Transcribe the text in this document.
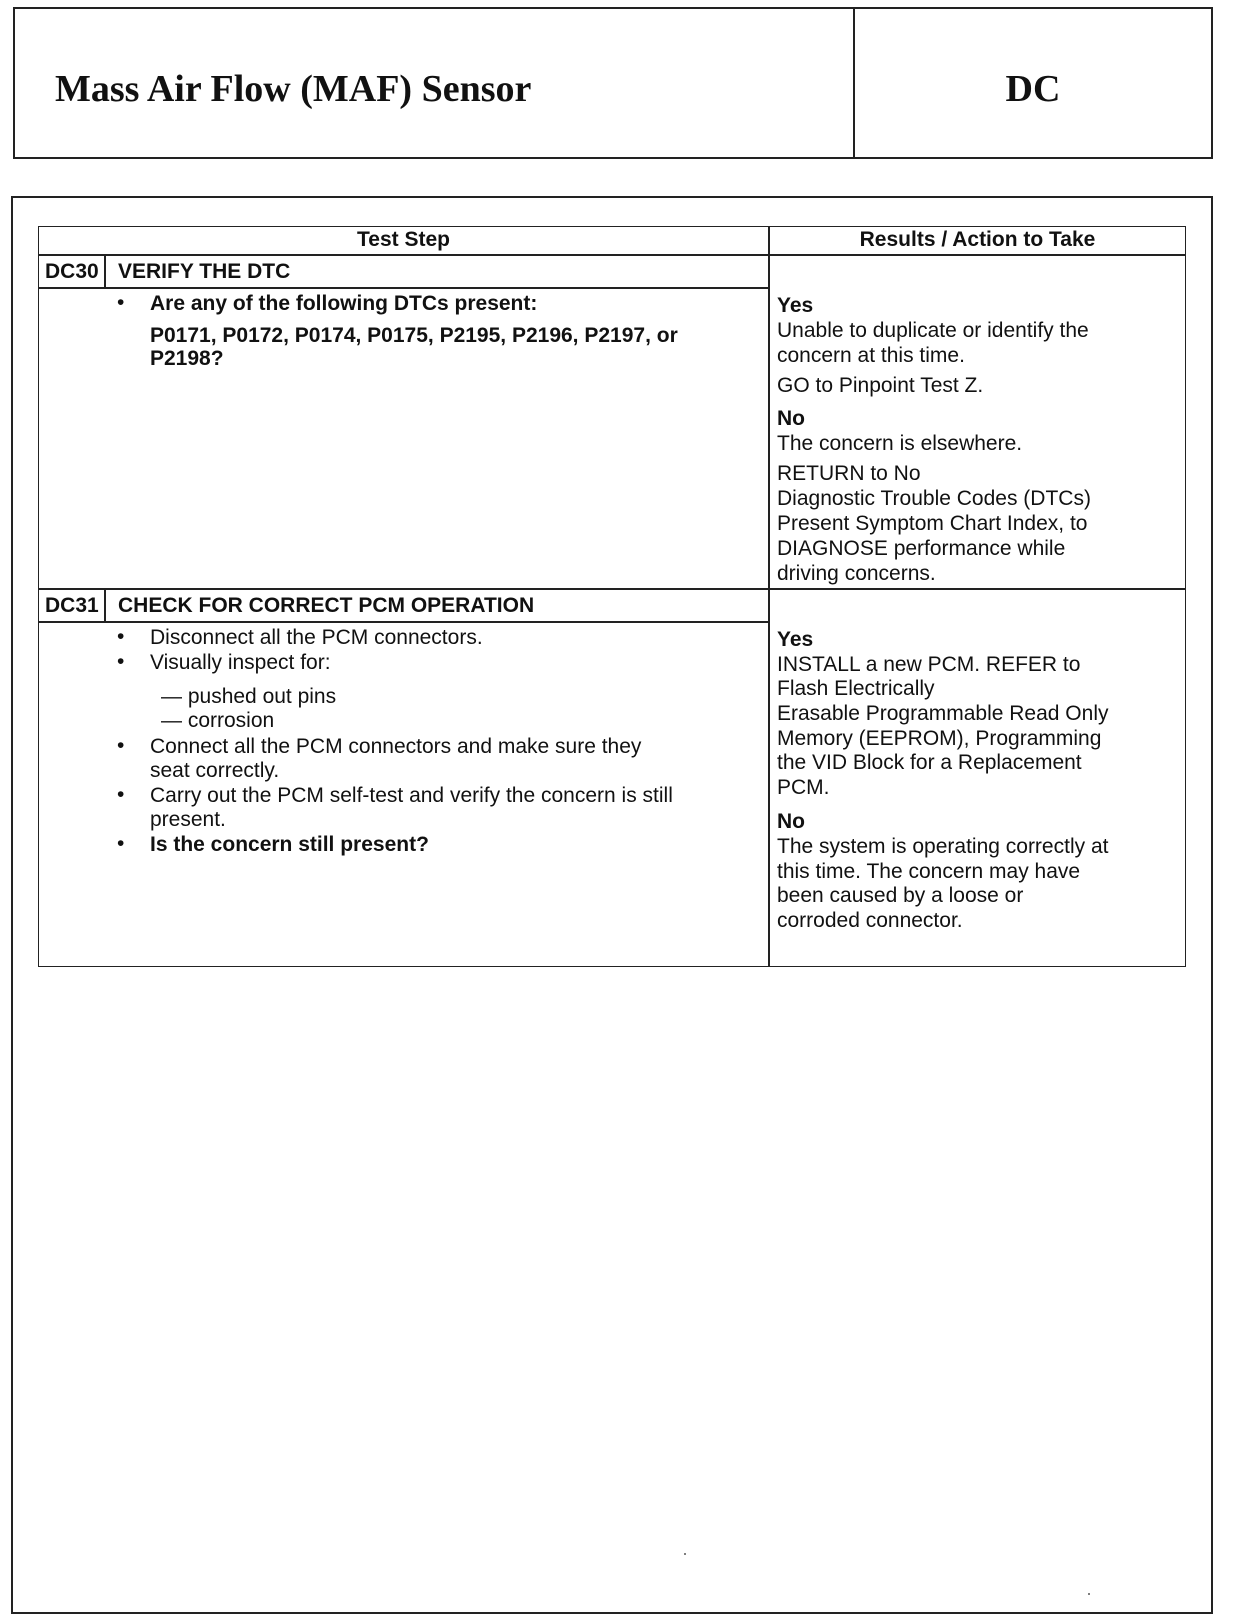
Mass Air Flow (MAF) Sensor	DC
Test Step	Results / Action to Take
DC30 VERIFY THE DTC
• Are any of the following DTCs present:
P0171, P0172, P0174, P0175, P2195, P2196, P2197, or
P2198?
Yes
Unable to duplicate or identify the
concern at this time.
GO to Pinpoint Test Z.
No
The concern is elsewhere.
RETURN to No
Diagnostic Trouble Codes (DTCs)
Present Symptom Chart Index, to
DIAGNOSE performance while
driving concerns.
DC31 CHECK FOR CORRECT PCM OPERATION
• Disconnect all the PCM connectors.
• Visually inspect for:
— pushed out pins
— corrosion
• Connect all the PCM connectors and make sure they
seat correctly.
• Carry out the PCM self-test and verify the concern is still
present.
• Is the concern still present?
Yes
INSTALL a new PCM. REFER to
Flash Electrically
Erasable Programmable Read Only
Memory (EEPROM), Programming
the VID Block for a Replacement
PCM.
No
The system is operating correctly at
this time. The concern may have
been caused by a loose or
corroded connector.
